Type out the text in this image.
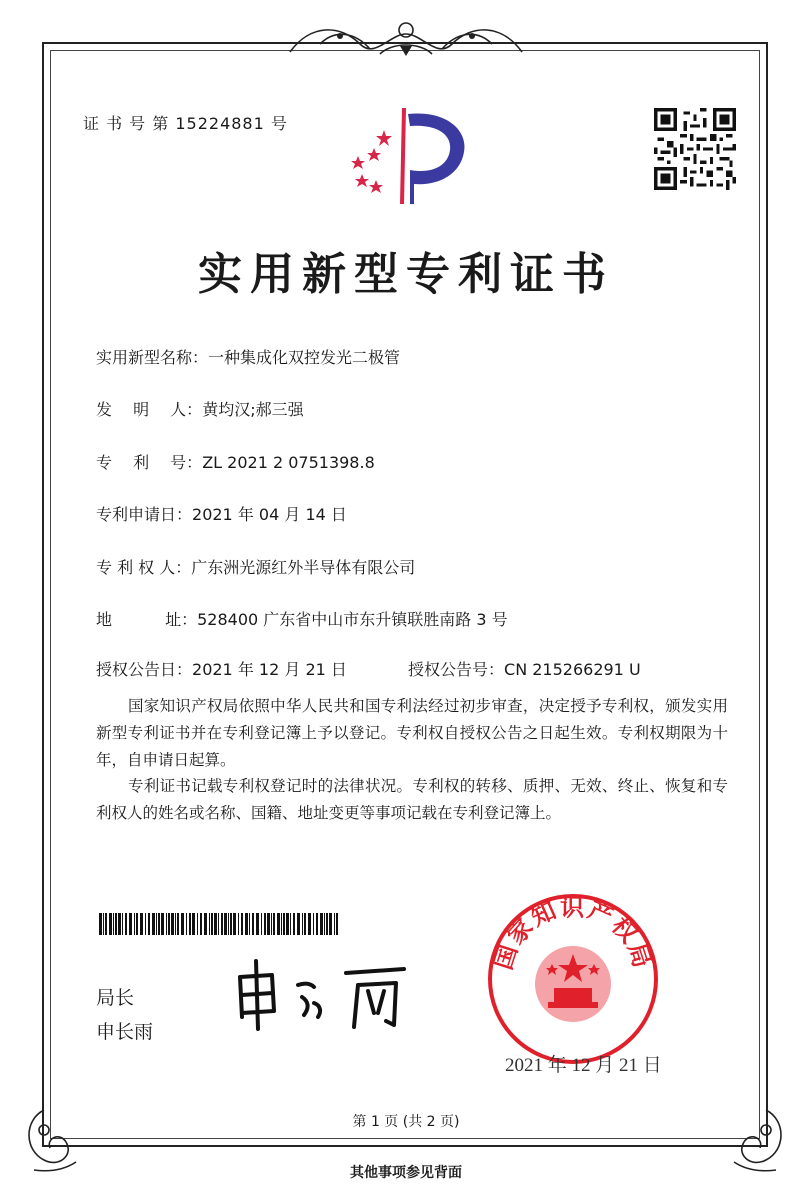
证 书 号 第 15224881 号
实用新型专利证书
实用新型名称：一种集成化双控发光二极管
发　 明　 人：黄均汉;郝三强
专　 利　 号：ZL 2021 2 0751398.8
专利申请日：2021 年 04 月 14 日
专 利 权 人：广东洲光源红外半导体有限公司
地　　　 址：528400 广东省中山市东升镇联胜南路 3 号
授权公告日：2021 年 12 月 21 日	授权公告号：CN 215266291 U
国家知识产权局依照中华人民共和国专利法经过初步审查，决定授予专利权，颁发实用新型专利证书并在专利登记簿上予以登记。专利权自授权公告之日起生效。专利权期限为十年，自申请日起算。
专利证书记载专利权登记时的法律状况。专利权的转移、质押、无效、终止、恢复和专利权人的姓名或名称、国籍、地址变更等事项记载在专利登记簿上。
局长
申长雨
国家知识产权局
2021 年 12 月 21 日
第 1 页 (共 2 页)
其他事项参见背面
